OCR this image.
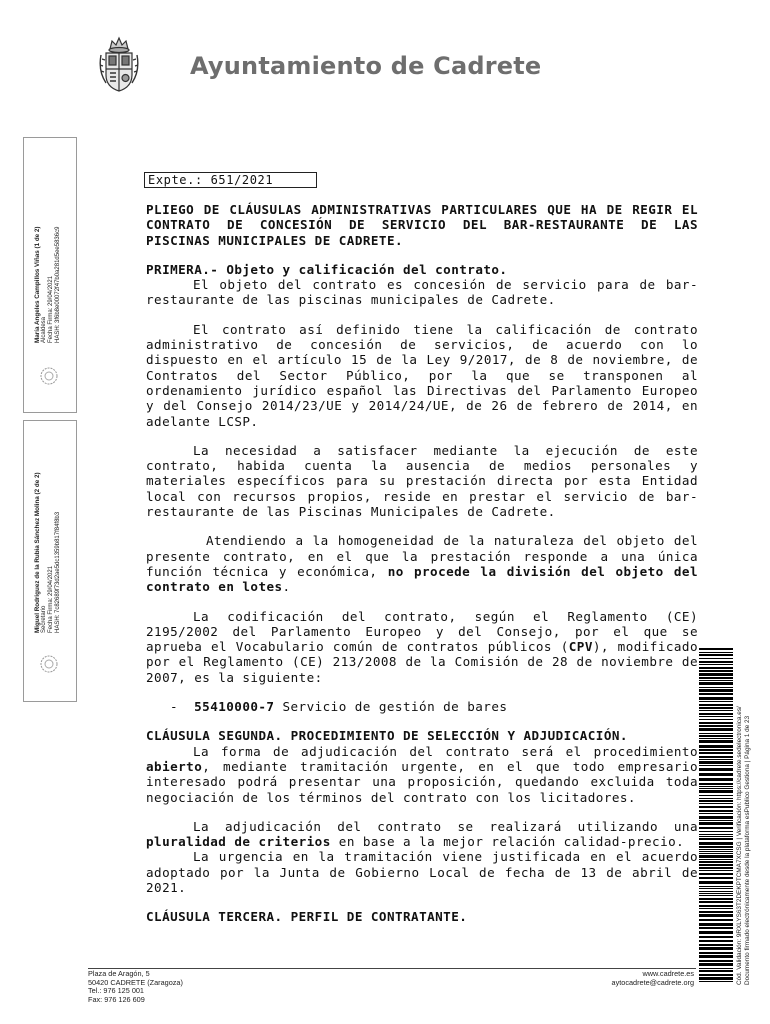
Ayuntamiento de Cadrete
María Angeles Campillos Viñas (1 de 2) Alcaldesa Fecha Firma: 29/04/2021 HASH: 3f6b8e00072f47b0a281d5ee5836c9
Miguel Rodriguez de la Rubia Sánchez Molina (2 de 2) Secretario Fecha Firma: 29/04/2021 HASH: 7c82689f73d2ae5dc1359b817f84f8b3
Expte.: 651/2021

PLIEGO DE CLÁUSULAS ADMINISTRATIVAS PARTICULARES QUE HA DE REGIR EL CONTRATO DE CONCESIÓN DE SERVICIO DEL BAR-RESTAURANTE DE LAS PISCINAS MUNICIPALES DE CADRETE.

PRIMERA.- Objeto y calificación del contrato.

El objeto del contrato es concesión de servicio para de bar-restaurante de las piscinas municipales de Cadrete.

El contrato así definido tiene la calificación de contrato administrativo de concesión de servicios, de acuerdo con lo dispuesto en el artículo 15 de la Ley 9/2017, de 8 de noviembre, de Contratos del Sector Público, por la que se transponen al ordenamiento jurídico español las Directivas del Parlamento Europeo y del Consejo 2014/23/UE y 2014/24/UE, de 26 de febrero de 2014, en adelante LCSP.

La necesidad a satisfacer mediante la ejecución de este contrato, habida cuenta la ausencia de medios personales y materiales específicos para su prestación directa por esta Entidad local con recursos propios, reside en prestar el servicio de bar-restaurante de las Piscinas Municipales de Cadrete.

Atendiendo a la homogeneidad de la naturaleza del objeto del presente contrato, en el que la prestación responde a una única función técnica y económica, no procede la división del objeto del contrato en lotes.

La codificación del contrato, según el Reglamento (CE) 2195/2002 del Parlamento Europeo y del Consejo, por el que se aprueba el Vocabulario común de contratos públicos (CPV), modificado por el Reglamento (CE) 213/2008 de la Comisión de 28 de noviembre de 2007, es la siguiente:

- 55410000-7 Servicio de gestión de bares

CLÁUSULA SEGUNDA. PROCEDIMIENTO DE SELECCIÓN Y ADJUDICACIÓN.

La forma de adjudicación del contrato será el procedimiento abierto, mediante tramitación urgente, en el que todo empresario interesado podrá presentar una proposición, quedando excluida toda negociación de los términos del contrato con los licitadores.

La adjudicación del contrato se realizará utilizando una pluralidad de criterios en base a la mejor relación calidad-precio.

La urgencia en la tramitación viene justificada en el acuerdo adoptado por la Junta de Gobierno Local de fecha de 13 de abril de 2021.

CLÁUSULA TERCERA. PERFIL DE CONTRATANTE.	Cód. Validación: 9RXLYS63T2DEKPTCMA7XCSG | Verificación: https://cadrete.sedelectronica.es/ Documento firmado electrónicamente desde la plataforma esPublico Gestiona | Página 1 de 23
Plaza de Aragón, 5
50420 CADRETE (Zaragoza)
Tel.: 976 125 001
Fax: 976 126 609
www.cadrete.es
aytocadrete@cadrete.org
